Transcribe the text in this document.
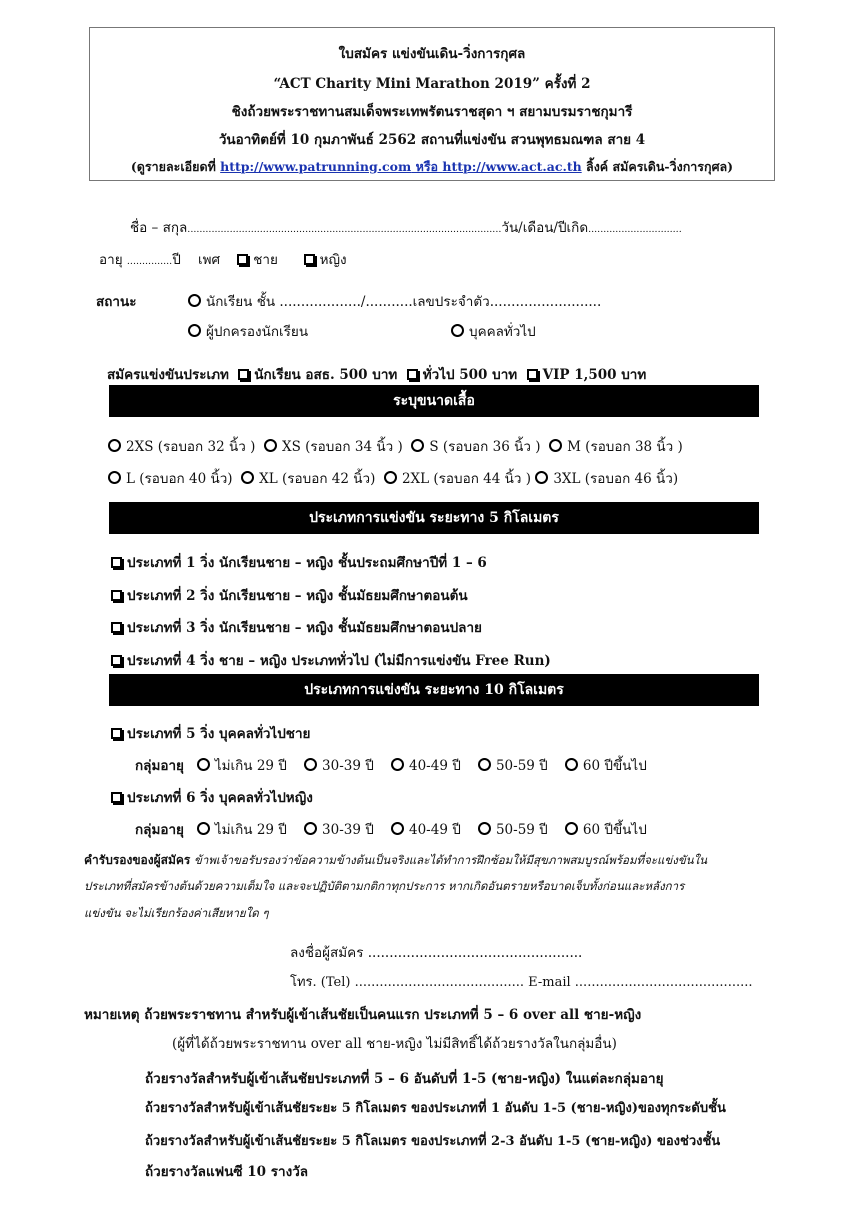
ใบสมัคร แข่งขันเดิน-วิ่งการกุศล
“ACT Charity Mini Marathon 2019” ครั้งที่ 2
ชิงถ้วยพระราชทานสมเด็จพระเทพรัตนราชสุดา ฯ สยามบรมราชกุมารี
วันอาทิตย์ที่ 10 กุมภาพันธ์ 2562 สถานที่แข่งขัน สวนพุทธมณฑล สาย 4
(ดูรายละเอียดที่ http://www.patrunning.com หรือ http://www.act.ac.th ลิ้งค์ สมัครเดิน-วิ่งการกุศล)
ชื่อ – สกุล........................................................................................................วัน/เดือน/ปีเกิด...............................
อายุ ...............ปี เพศ ชาย	หญิง
สถานะ	นักเรียน ชั้น .................../...........เลขประจำตัว..........................
ผู้ปกครองนักเรียน	บุคคลทั่วไป
สมัครแข่งขันประเภท นักเรียน อสธ. 500 บาท ทั่วไป 500 บาท VIP 1,500 บาท
ระบุขนาดเสื้อ
2XS (รอบอก 32 นิ้ว ) XS (รอบอก 34 นิ้ว ) S (รอบอก 36 นิ้ว ) M (รอบอก 38 นิ้ว )
L (รอบอก 40 นิ้ว) XL (รอบอก 42 นิ้ว) 2XL (รอบอก 44 นิ้ว ) 3XL (รอบอก 46 นิ้ว)
ประเภทการแข่งขัน ระยะทาง 5 กิโลเมตร
ประเภทที่ 1 วิ่ง นักเรียนชาย – หญิง ชั้นประถมศึกษาปีที่ 1 – 6
ประเภทที่ 2 วิ่ง นักเรียนชาย – หญิง ชั้นมัธยมศึกษาตอนต้น
ประเภทที่ 3 วิ่ง นักเรียนชาย – หญิง ชั้นมัธยมศึกษาตอนปลาย
ประเภทที่ 4 วิ่ง ชาย – หญิง ประเภททั่วไป (ไม่มีการแข่งขัน Free Run)
ประเภทการแข่งขัน ระยะทาง 10 กิโลเมตร
ประเภทที่ 5 วิ่ง บุคคลทั่วไปชาย
กลุ่มอายุ ไม่เกิน 29 ปี	30-39 ปี	40-49 ปี	50-59 ปี	60 ปีขึ้นไป
ประเภทที่ 6 วิ่ง บุคคลทั่วไปหญิง
กลุ่มอายุ ไม่เกิน 29 ปี	30-39 ปี	40-49 ปี	50-59 ปี	60 ปีขึ้นไป
คำรับรองของผู้สมัคร ข้าพเจ้าขอรับรองว่าข้อความข้างต้นเป็นจริงและได้ทำการฝึกซ้อมให้มีสุขภาพสมบูรณ์พร้อมที่จะแข่งขันใน
ประเภทที่สมัครข้างต้นด้วยความเต็มใจ และจะปฏิบัติตามกติกาทุกประการ หากเกิดอันตรายหรือบาดเจ็บทั้งก่อนและหลังการ
แข่งขัน จะไม่เรียกร้องค่าเสียหายใด ๆ
ลงชื่อผู้สมัคร ..................................................
โทร. (Tel) ......................................... E-mail ...........................................
หมายเหตุ ถ้วยพระราชทาน สำหรับผู้เข้าเส้นชัยเป็นคนแรก ประเภทที่ 5 – 6 over all ชาย-หญิง
(ผู้ที่ได้ถ้วยพระราชทาน over all ชาย-หญิง ไม่มีสิทธิ์ได้ถ้วยรางวัลในกลุ่มอื่น)
ถ้วยรางวัลสำหรับผู้เข้าเส้นชัยประเภทที่ 5 – 6 อันดับที่ 1-5 (ชาย-หญิง) ในแต่ละกลุ่มอายุ
ถ้วยรางวัลสำหรับผู้เข้าเส้นชัยระยะ 5 กิโลเมตร ของประเภทที่ 1 อันดับ 1-5 (ชาย-หญิง)ของทุกระดับชั้น
ถ้วยรางวัลสำหรับผู้เข้าเส้นชัยระยะ 5 กิโลเมตร ของประเภทที่ 2-3 อันดับ 1-5 (ชาย-หญิง) ของช่วงชั้น
ถ้วยรางวัลแฟนซี 10 รางวัล
